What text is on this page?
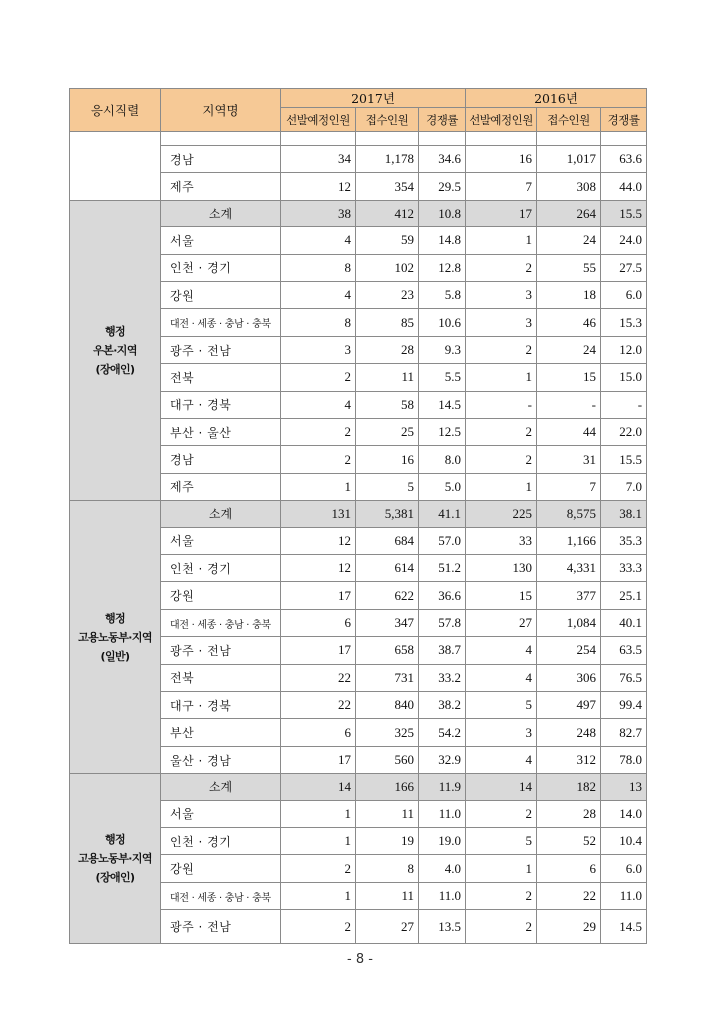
응시직렬	지역명	2017년			2016년		
		선발예정인원	접수인원	경쟁률	선발예정인원	접수인원	경쟁률

	경남	34	1,178	34.6	16	1,017	63.6
	제주	12	354	29.5	7	308	44.0

행정
우본·지역
(장애인)	소계	38	412	10.8	17	264	15.5
	서울	4	59	14.8	1	24	24.0
	인천 · 경기	8	102	12.8	2	55	27.5
	강원	4	23	5.8	3	18	6.0
	대전 · 세종 · 충남 · 충북	8	85	10.6	3	46	15.3
	광주 · 전남	3	28	9.3	2	24	12.0
	전북	2	11	5.5	1	15	15.0
	대구 · 경북	4	58	14.5	-	-	-
	부산 · 울산	2	25	12.5	2	44	22.0
	경남	2	16	8.0	2	31	15.5
	제주	1	5	5.0	1	7	7.0

행정
고용노동부·지역
(일반)	소계	131	5,381	41.1	225	8,575	38.1
	서울	12	684	57.0	33	1,166	35.3
	인천 · 경기	12	614	51.2	130	4,331	33.3
	강원	17	622	36.6	15	377	25.1
	대전 · 세종 · 충남 · 충북	6	347	57.8	27	1,084	40.1
	광주 · 전남	17	658	38.7	4	254	63.5
	전북	22	731	33.2	4	306	76.5
	대구 · 경북	22	840	38.2	5	497	99.4
	부산	6	325	54.2	3	248	82.7
	울산 · 경남	17	560	32.9	4	312	78.0

행정
고용노동부·지역
(장애인)	소계	14	166	11.9	14	182	13
	서울	1	11	11.0	2	28	14.0
	인천 · 경기	1	19	19.0	5	52	10.4
	강원	2	8	4.0	1	6	6.0
	대전 · 세종 · 충남 · 충북	1	11	11.0	2	22	11.0
	광주 · 전남	2	27	13.5	2	29	14.5
- 8 -
